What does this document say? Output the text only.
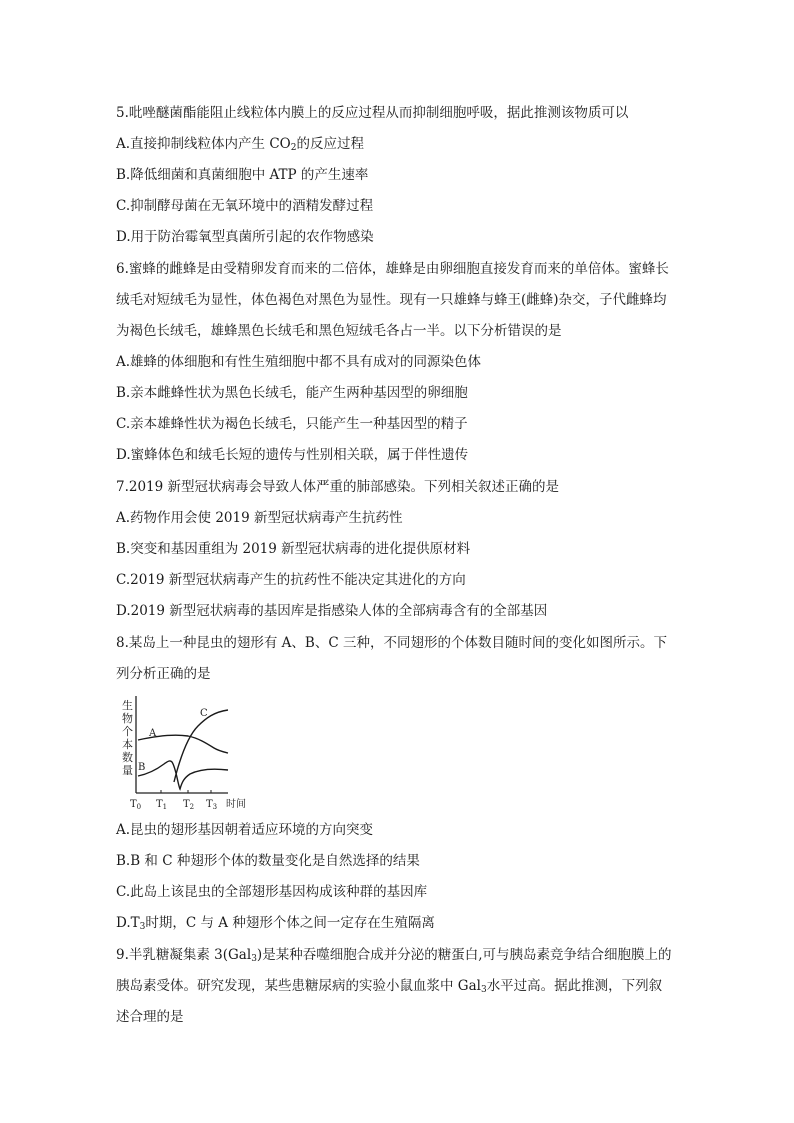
5.吡唑醚菌酯能阻止线粒体内膜上的反应过程从而抑制细胞呼吸，据此推测该物质可以
A.直接抑制线粒体内产生 $CO_2$的反应过程
B.降低细菌和真菌细胞中 ATP 的产生速率
C.抑制酵母菌在无氧环境中的酒精发酵过程
D.用于防治霉氧型真菌所引起的农作物感染
6.蜜蜂的雌蜂是由受精卵发育而来的二倍体，雄蜂是由卵细胞直接发育而来的单倍体。蜜蜂长
绒毛对短绒毛为显性，体色褐色对黑色为显性。现有一只雄蜂与蜂王(雌蜂)杂交，子代雌蜂均
为褐色长绒毛，雄蜂黑色长绒毛和黑色短绒毛各占一半。以下分析错误的是
A.雄蜂的体细胞和有性生殖细胞中都不具有成对的同源染色体
B.亲本雌蜂性状为黑色长绒毛，能产生两种基因型的卵细胞
C.亲本雄蜂性状为褐色长绒毛，只能产生一种基因型的精子
D.蜜蜂体色和绒毛长短的遗传与性别相关联，属于伴性遗传
7.2019 新型冠状病毒会导致人体严重的肺部感染。下列相关叙述正确的是
A.药物作用会使 2019 新型冠状病毒产生抗药性
B.突变和基因重组为 2019 新型冠状病毒的进化提供原材料
C.2019 新型冠状病毒产生的抗药性不能决定其进化的方向
D.2019 新型冠状病毒的基因库是指感染人体的全部病毒含有的全部基因
8.某岛上一种昆虫的翅形有 A、B、C 三种，不同翅形的个体数目随时间的变化如图所示。下
列分析正确的是
生
物
个
本
数
量
A
B
C
$T_0$ $T_1$ $T_2$ $T_3$ 时间
A.昆虫的翅形基因朝着适应环境的方向突变
B.B 和 C 种翅形个体的数量变化是自然选择的结果
C.此岛上该昆虫的全部翅形基因构成该种群的基因库
$D.T_3$时期，C 与 A 种翅形个体之间一定存在生殖隔离
9.半乳糖凝集素 3(Gal$_3$)是某种吞噬细胞合成并分泌的糖蛋白,可与胰岛素竞争结合细胞膜上的
胰岛素受体。研究发现，某些患糖尿病的实验小鼠血浆中 Gal$_3$水平过高。据此推测，下列叙
述合理的是
